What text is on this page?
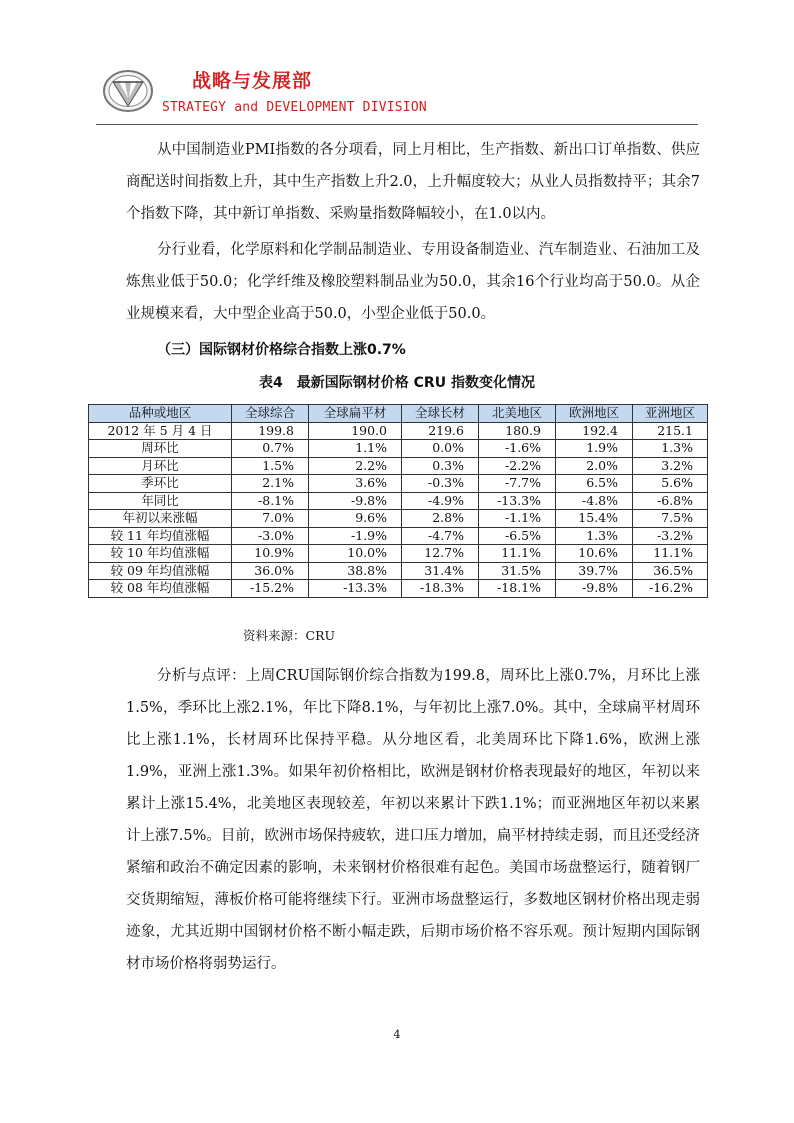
战略与发展部
STRATEGY and DEVELOPMENT DIVISION

从中国制造业PMI指数的各分项看，同上月相比，生产指数、新出口订单指数、供应商配送时间指数上升，其中生产指数上升2.0，上升幅度较大；从业人员指数持平；其余7个指数下降，其中新订单指数、采购量指数降幅较小，在1.0以内。

分行业看，化学原料和化学制品制造业、专用设备制造业、汽车制造业、石油加工及炼焦业低于50.0；化学纤维及橡胶塑料制品业为50.0，其余16个行业均高于50.0。从企业规模来看，大中型企业高于50.0，小型企业低于50.0。

（三）国际钢材价格综合指数上涨0.7%

表4　最新国际钢材价格 CRU 指数变化情况

品种或地区	全球综合	全球扁平材	全球长材	北美地区	欧洲地区	亚洲地区
2012 年 5 月 4 日	199.8	190.0	219.6	180.9	192.4	215.1
周环比	0.7%	1.1%	0.0%	-1.6%	1.9%	1.3%
月环比	1.5%	2.2%	0.3%	-2.2%	2.0%	3.2%
季环比	2.1%	3.6%	-0.3%	-7.7%	6.5%	5.6%
年同比	-8.1%	-9.8%	-4.9%	-13.3%	-4.8%	-6.8%
年初以来涨幅	7.0%	9.6%	2.8%	-1.1%	15.4%	7.5%
较 11 年均值涨幅	-3.0%	-1.9%	-4.7%	-6.5%	1.3%	-3.2%
较 10 年均值涨幅	10.9%	10.0%	12.7%	11.1%	10.6%	11.1%
较 09 年均值涨幅	36.0%	38.8%	31.4%	31.5%	39.7%	36.5%
较 08 年均值涨幅	-15.2%	-13.3%	-18.3%	-18.1%	-9.8%	-16.2%

资料来源：CRU

分析与点评：上周CRU国际钢价综合指数为199.8，周环比上涨0.7%，月环比上涨1.5%，季环比上涨2.1%，年比下降8.1%，与年初比上涨7.0%。其中，全球扁平材周环比上涨1.1%，长材周环比保持平稳。从分地区看，北美周环比下降1.6%，欧洲上涨1.9%，亚洲上涨1.3%。如果年初价格相比，欧洲是钢材价格表现最好的地区，年初以来累计上涨15.4%，北美地区表现较差，年初以来累计下跌1.1%；而亚洲地区年初以来累计上涨7.5%。目前，欧洲市场保持疲软，进口压力增加，扁平材持续走弱，而且还受经济紧缩和政治不确定因素的影响，未来钢材价格很难有起色。美国市场盘整运行，随着钢厂交货期缩短，薄板价格可能将继续下行。亚洲市场盘整运行，多数地区钢材价格出现走弱迹象，尤其近期中国钢材价格不断小幅走跌，后期市场价格不容乐观。预计短期内国际钢材市场价格将弱势运行。

4
